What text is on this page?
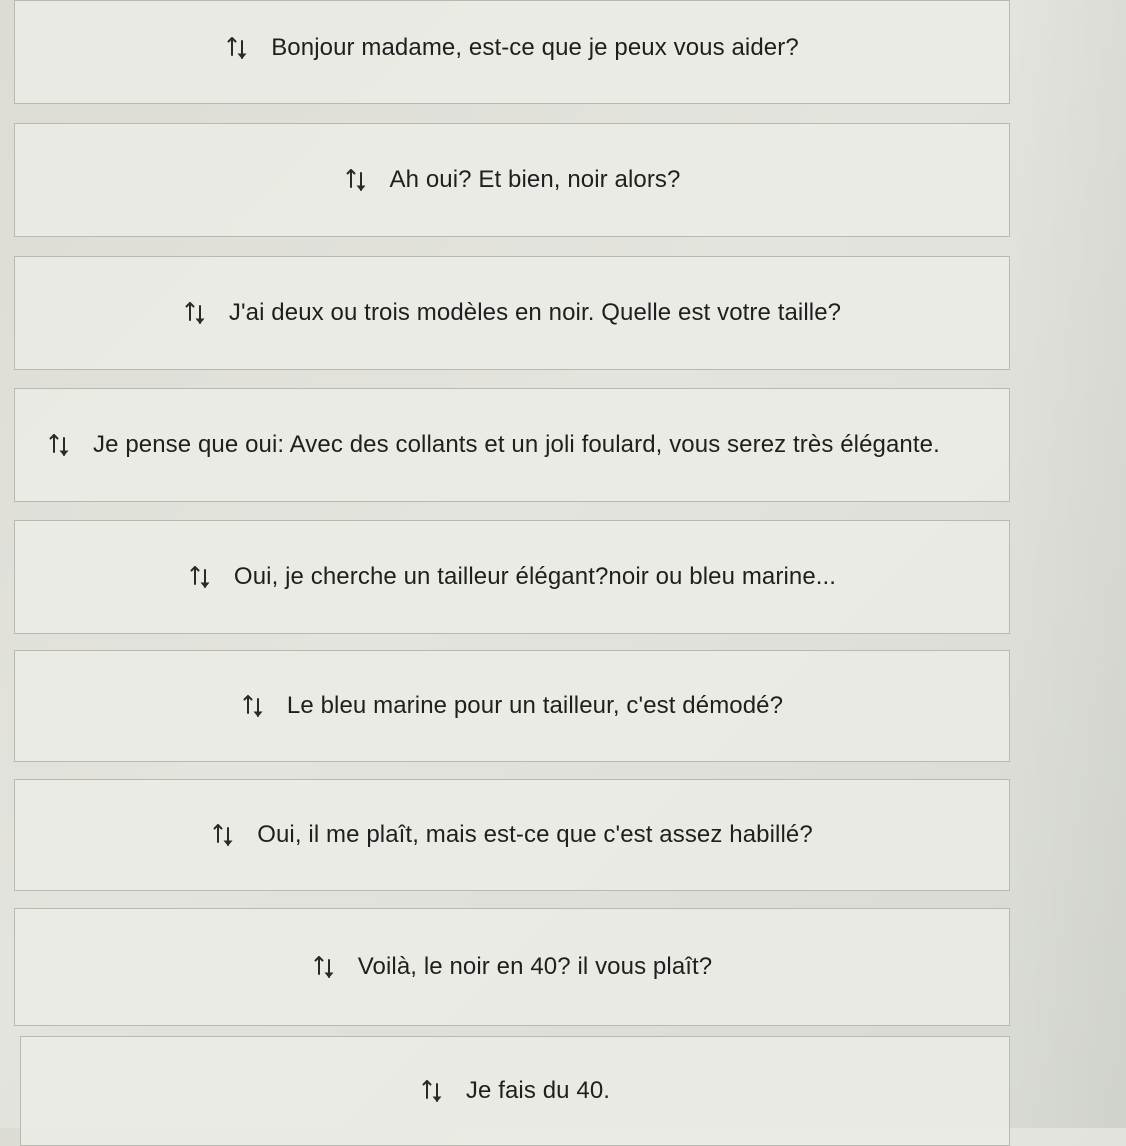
Bonjour madame, est-ce que je peux vous aider?
Ah oui? Et bien, noir alors?
J'ai deux ou trois modèles en noir. Quelle est votre taille?
Je pense que oui: Avec des collants et un joli foulard, vous serez très élégante.
Oui, je cherche un tailleur élégant?noir ou bleu marine...
Le bleu marine pour un tailleur, c'est démodé?
Oui, il me plaît, mais est-ce que c'est assez habillé?
Voilà, le noir en 40? il vous plaît?
Je fais du 40.
